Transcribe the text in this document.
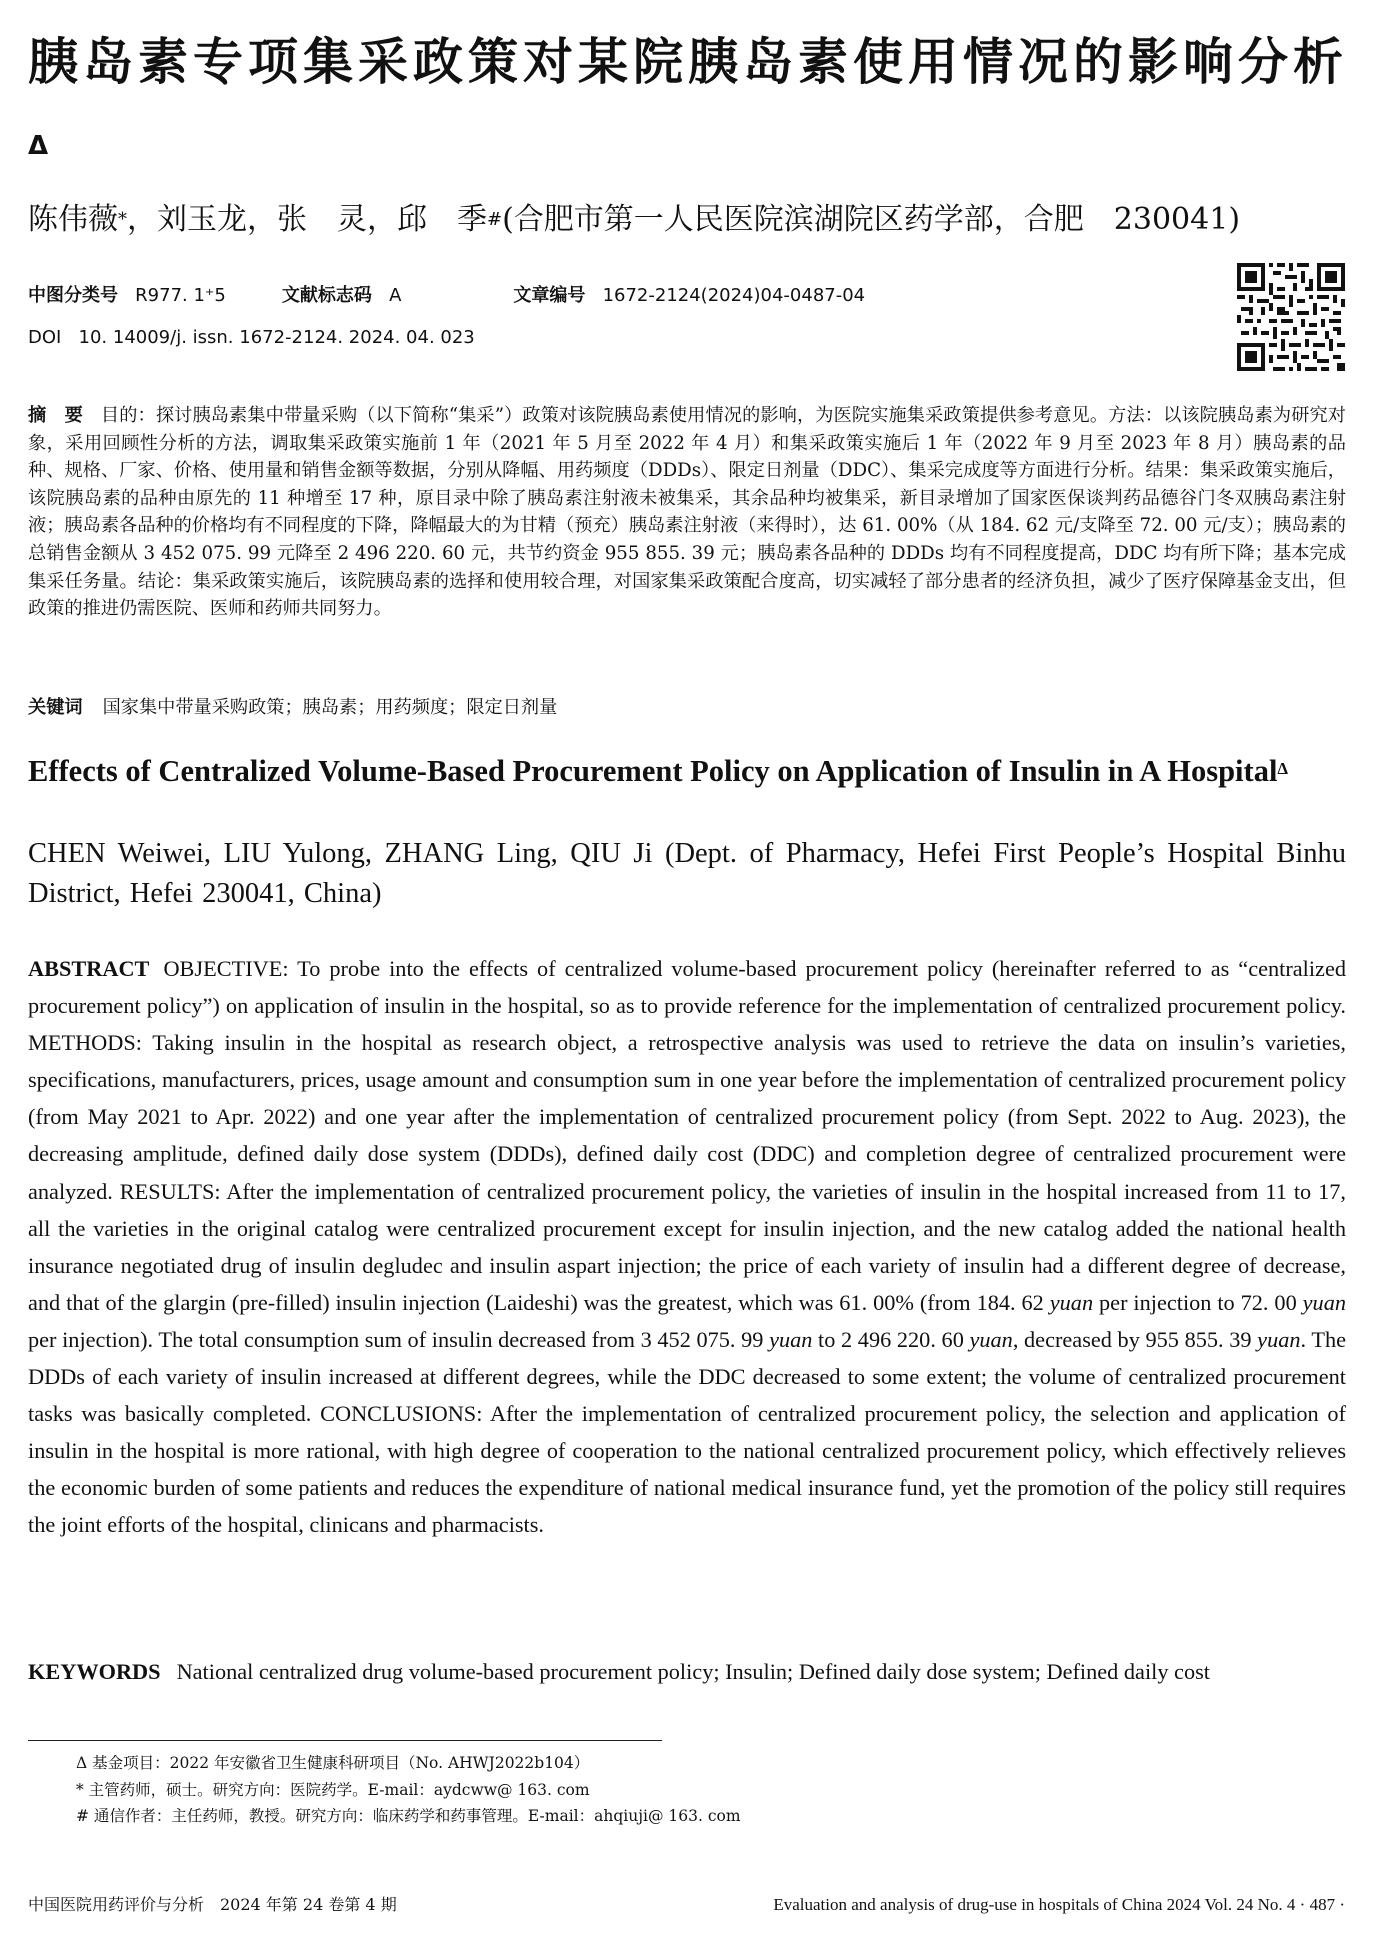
胰岛素专项集采政策对某院胰岛素使用情况的影响分析$^\Delta$
陈伟薇*，刘玉龙，张　灵，邱　季#(合肥市第一人民医院滨湖院区药学部，合肥　230041)
中图分类号 R977. 1⁺5	文献标志码 A	文章编号 1672-2124(2024)04-0487-04
DOI 10. 14009/j. issn. 1672-2124. 2024. 04. 023
摘　要 目的：探讨胰岛素集中带量采购（以下简称“集采”）政策对该院胰岛素使用情况的影响，为医院实施集采政策提供参考意见。方法：以该院胰岛素为研究对象，采用回顾性分析的方法，调取集采政策实施前 1 年（2021 年 5 月至 2022 年 4 月）和集采政策实施后 1 年（2022 年 9 月至 2023 年 8 月）胰岛素的品种、规格、厂家、价格、使用量和销售金额等数据，分别从降幅、用药频度（DDDs）、限定日剂量（DDC）、集采完成度等方面进行分析。结果：集采政策实施后，该院胰岛素的品种由原先的 11 种增至 17 种，原目录中除了胰岛素注射液未被集采，其余品种均被集采，新目录增加了国家医保谈判药品德谷门冬双胰岛素注射液；胰岛素各品种的价格均有不同程度的下降，降幅最大的为甘精（预充）胰岛素注射液（来得时），达 61. 00%（从 184. 62 元/支降至 72. 00 元/支）；胰岛素的总销售金额从 3 452 075. 99 元降至 2 496 220. 60 元，共节约资金 955 855. 39 元；胰岛素各品种的 DDDs 均有不同程度提高，DDC 均有所下降；基本完成集采任务量。结论：集采政策实施后，该院胰岛素的选择和使用较合理，对国家集采政策配合度高，切实减轻了部分患者的经济负担，减少了医疗保障基金支出，但政策的推进仍需医院、医师和药师共同努力。
关键词 国家集中带量采购政策；胰岛素；用药频度；限定日剂量
Effects of Centralized Volume-Based Procurement Policy on Application of Insulin in A Hospital$^\Delta$
CHEN Weiwei, LIU Yulong, ZHANG Ling, QIU Ji (Dept. of Pharmacy, Hefei First People’s Hospital Binhu District, Hefei 230041, China)
ABSTRACT OBJECTIVE: To probe into the effects of centralized volume-based procurement policy (hereinafter referred to as “centralized procurement policy”) on application of insulin in the hospital, so as to provide reference for the implementation of centralized procurement policy. METHODS: Taking insulin in the hospital as research object, a retrospective analysis was used to retrieve the data on insulin’s varieties, specifications, manufacturers, prices, usage amount and consumption sum in one year before the implementation of centralized procurement policy (from May 2021 to Apr. 2022) and one year after the implementation of centralized procurement policy (from Sept. 2022 to Aug. 2023), the decreasing amplitude, defined daily dose system (DDDs), defined daily cost (DDC) and completion degree of centralized procurement were analyzed. RESULTS: After the implementation of centralized procurement policy, the varieties of insulin in the hospital increased from 11 to 17, all the varieties in the original catalog were centralized procurement except for insulin injection, and the new catalog added the national health insurance negotiated drug of insulin degludec and insulin aspart injection; the price of each variety of insulin had a different degree of decrease, and that of the glargin (pre-filled) insulin injection (Laideshi) was the greatest, which was 61. 00% (from 184. 62 yuan per injection to 72. 00 yuan per injection). The total consumption sum of insulin decreased from 3 452 075. 99 yuan to 2 496 220. 60 yuan, decreased by 955 855. 39 yuan. The DDDs of each variety of insulin increased at different degrees, while the DDC decreased to some extent; the volume of centralized procurement tasks was basically completed. CONCLUSIONS: After the implementation of centralized procurement policy, the selection and application of insulin in the hospital is more rational, with high degree of cooperation to the national centralized procurement policy, which effectively relieves the economic burden of some patients and reduces the expenditure of national medical insurance fund, yet the promotion of the policy still requires the joint efforts of the hospital, clinicans and pharmacists.
KEYWORDS National centralized drug volume-based procurement policy; Insulin; Defined daily dose system; Defined daily cost
Δ 基金项目：2022 年安徽省卫生健康科研项目（No. AHWJ2022b104）
* 主管药师，硕士。研究方向：医院药学。E-mail：aydcww@ 163. com
# 通信作者：主任药师，教授。研究方向：临床药学和药事管理。E-mail：ahqiuji@ 163. com
中国医院用药评价与分析　2024 年第 24 卷第 4 期	Evaluation and analysis of drug-use in hospitals of China 2024 Vol. 24 No. 4 · 487 ·
